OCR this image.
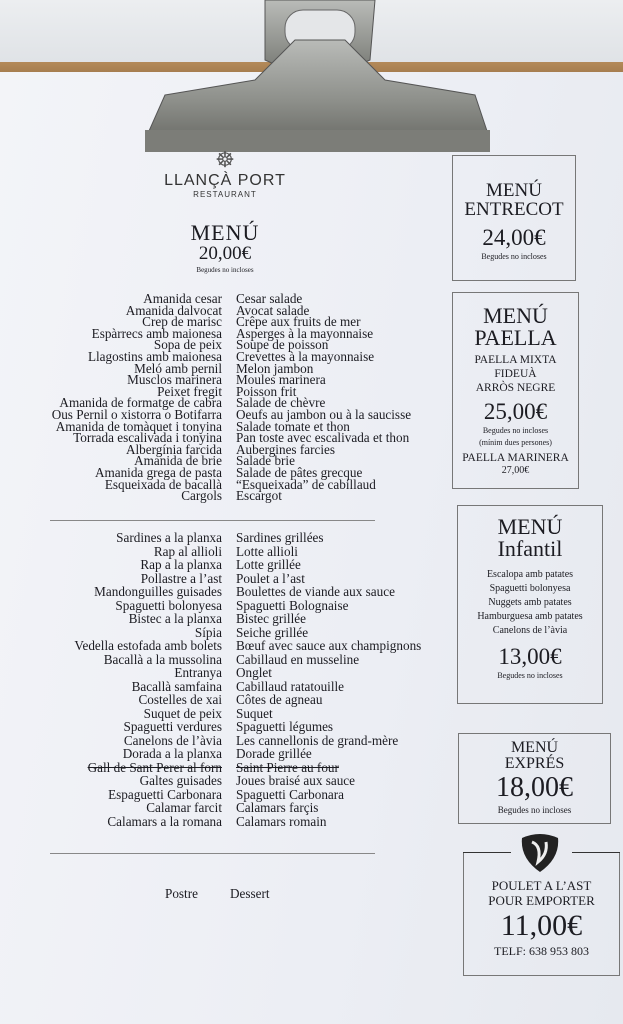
☸
LLANÇÀ PORT
RESTAURANT
MENÚ
20,00€
Begudes no incloses
Amanida cesar Cesar salade
Amanida dalvocat Avocat salade
Crep de marisc Crêpe aux fruits de mer
Espàrrecs amb maionesa Asperges à la mayonnaise
Sopa de peix Soupe de poisson
Llagostins amb maionesa Crevettes à la mayonnaise
Meló amb pernil Melon jambon
Musclos marinera Moules marinera
Peixet fregit Poisson frit
Amanida de formatge de cabra Salade de chèvre
Ous Pernil o xistorra o Botifarra Oeufs au jambon ou à la saucisse
Amanida de tomàquet i tonyina Salade tomate et thon
Torrada escalivada i tonyina Pan toste avec escalivada et thon
Albergínia farcida Aubergines farcies
Amanida de brie Salade brie
Amanida grega de pasta Salade de pâtes grecque
Esqueixada de bacallà “Esqueixada” de cabillaud
Cargols Escargot
Sardines a la planxa Sardines grillées
Rap al allioli Lotte allioli
Rap a la planxa Lotte grillée
Pollastre a l’ast Poulet a l’ast
Mandonguilles guisades Boulettes de viande aux sauce
Spaguetti bolonyesa Spaguetti Bolognaise
Bistec a la planxa Bistec grillée
Sípia Seiche grillée
Vedella estofada amb bolets Bœuf avec sauce aux champignons
Bacallà a la mussolina Cabillaud en musseline
Entranya Onglet
Bacallà samfaina Cabillaud ratatouille
Costelles de xai Côtes de agneau
Suquet de peix Suquet
Spaguetti verdures Spaguetti légumes
Canelons de l’àvia Les cannellonis de grand-mère
Dorada a la planxa Dorade grillée
Gall de Sant Perer al forn Saint Pierre au four
Galtes guisades Joues braisé aux sauce
Espaguetti Carbonara Spaguetti Carbonara
Calamar farcit Calamars farçis
Calamars a la romana Calamars romain
Postre Dessert
MENÚ
ENTRECOT
24,00€
Begudes no incloses
MENÚ
PAELLA
PAELLA MIXTA
FIDEUÀ
ARRÒS NEGRE
25,00€
Begudes no incloses
(mínim dues persones)
PAELLA MARINERA
27,00€
MENÚ
Infantil
Escalopa amb patates
Spaguetti bolonyesa
Nuggets amb patates
Hamburguesa amb patates
Canelons de l’àvia
13,00€
Begudes no incloses
MENÚ
EXPRÉS
18,00€
Begudes no incloses
POULET A L’AST
POUR EMPORTER
11,00€
TELF: 638 953 803
